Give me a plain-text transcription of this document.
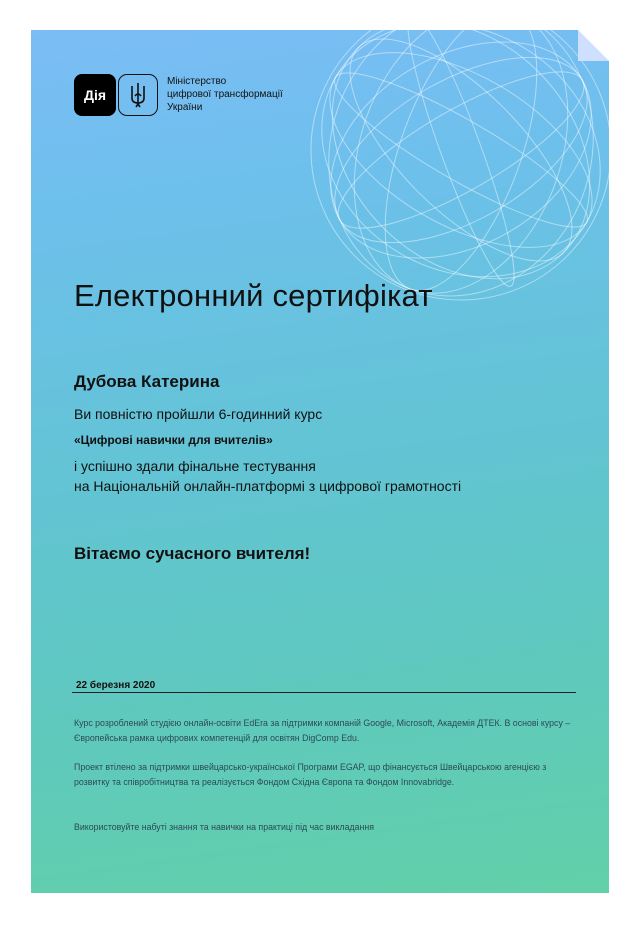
Дія
Міністерство
цифрової трансформації
України
Електронний сертифікат
Дубова Катерина
Ви повністю пройшли 6-годинний курс
«Цифрові навички для вчителів»
і успішно здали фінальне тестування
на Національній онлайн-платформі з цифрової грамотності
Вітаємо сучасного вчителя!
22 березня 2020
Курс розроблений студією онлайн-освіти EdEra за підтримки компаній Google, Microsoft, Академія ДТЕК. В основі курсу – Європейська рамка цифрових компетенцій для освітян DigComp Edu.
Проект втілено за підтримки швейцарсько-української Програми EGAP, що фінансується Швейцарською агенцією з розвитку та співробітництва та реалізується Фондом Східна Європа та Фондом Innovabridge.
Використовуйте набуті знання та навички на практиці під час викладання
